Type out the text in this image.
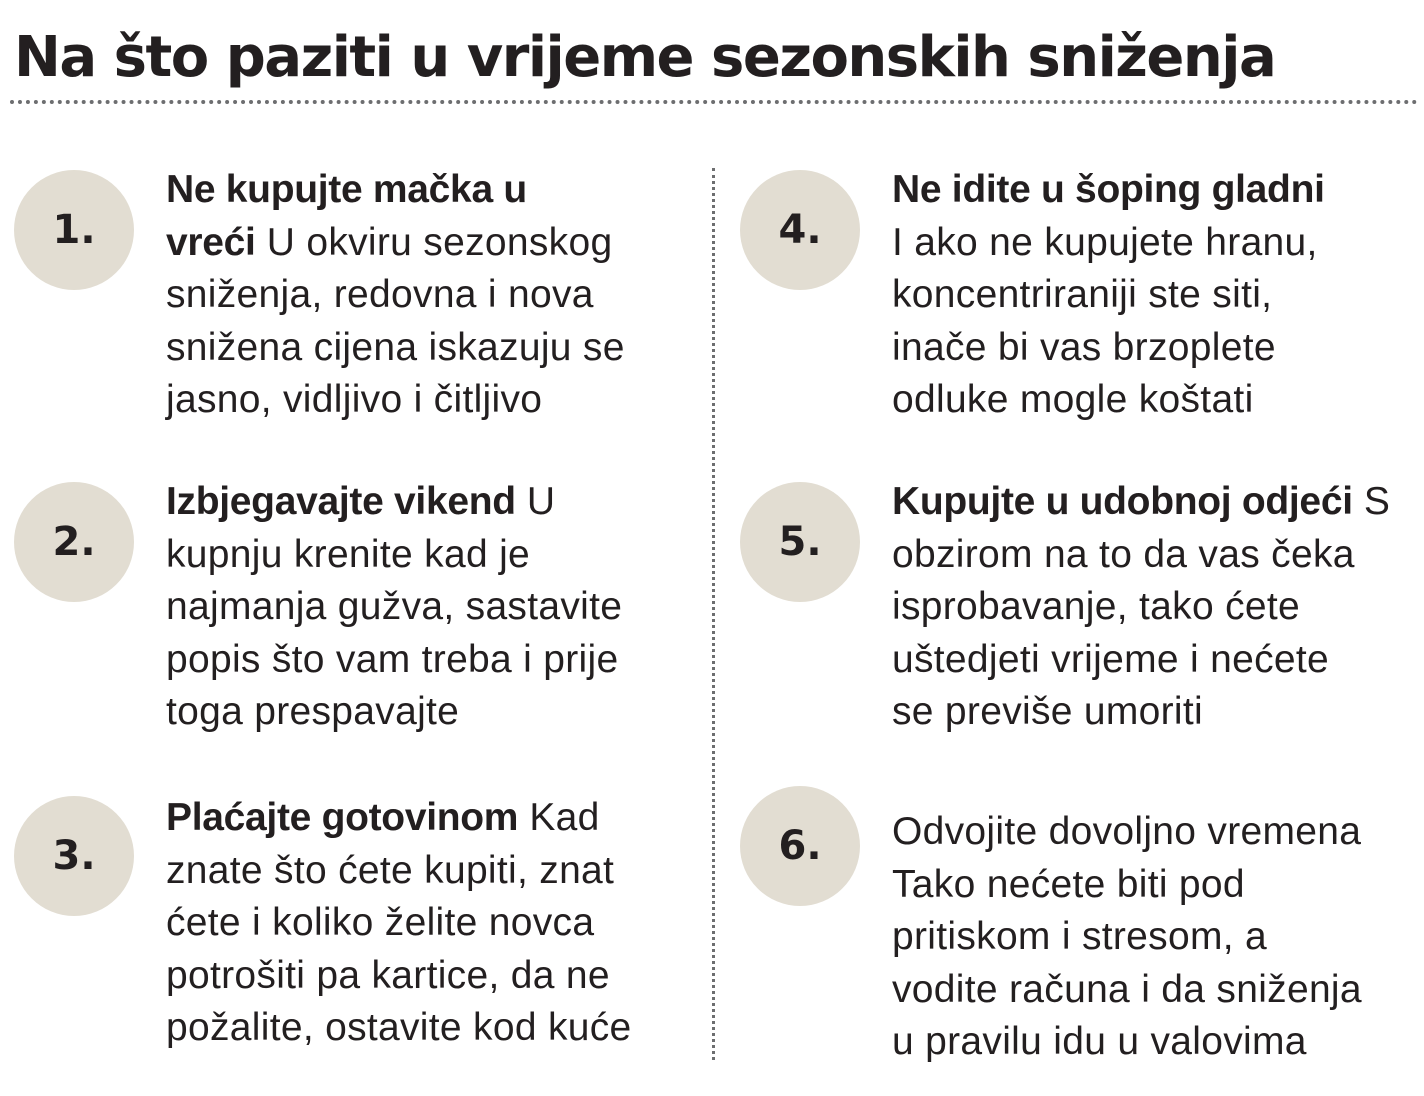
Na što paziti u vrijeme sezonskih sniženja
1.

Ne kupujte mačka u
vreći U okviru sezonskog
sniženja, redovna i nova
snižena cijena iskazuju se
jasno, vidljivo i čitljivo

2.

Izbjegavajte vikend U
kupnju krenite kad je
najmanja gužva, sastavite
popis što vam treba i prije
toga prespavajte

3.

Plaćajte gotovinom Kad
znate što ćete kupiti, znat
ćete i koliko želite novca
potrošiti pa kartice, da ne
požalite, ostavite kod kuće

4.

Ne idite u šoping gladni
I ako ne kupujete hranu,
koncentriraniji ste siti,
inače bi vas brzoplete
odluke mogle koštati

5.

Kupujte u udobnoj odjeći S
obzirom na to da vas čeka
isprobavanje, tako ćete
uštedjeti vrijeme i nećete
se previše umoriti

6.	Odvojite dovoljno vremena
Tako nećete biti pod
pritiskom i stresom, a
vodite računa i da sniženja
u pravilu idu u valovima
